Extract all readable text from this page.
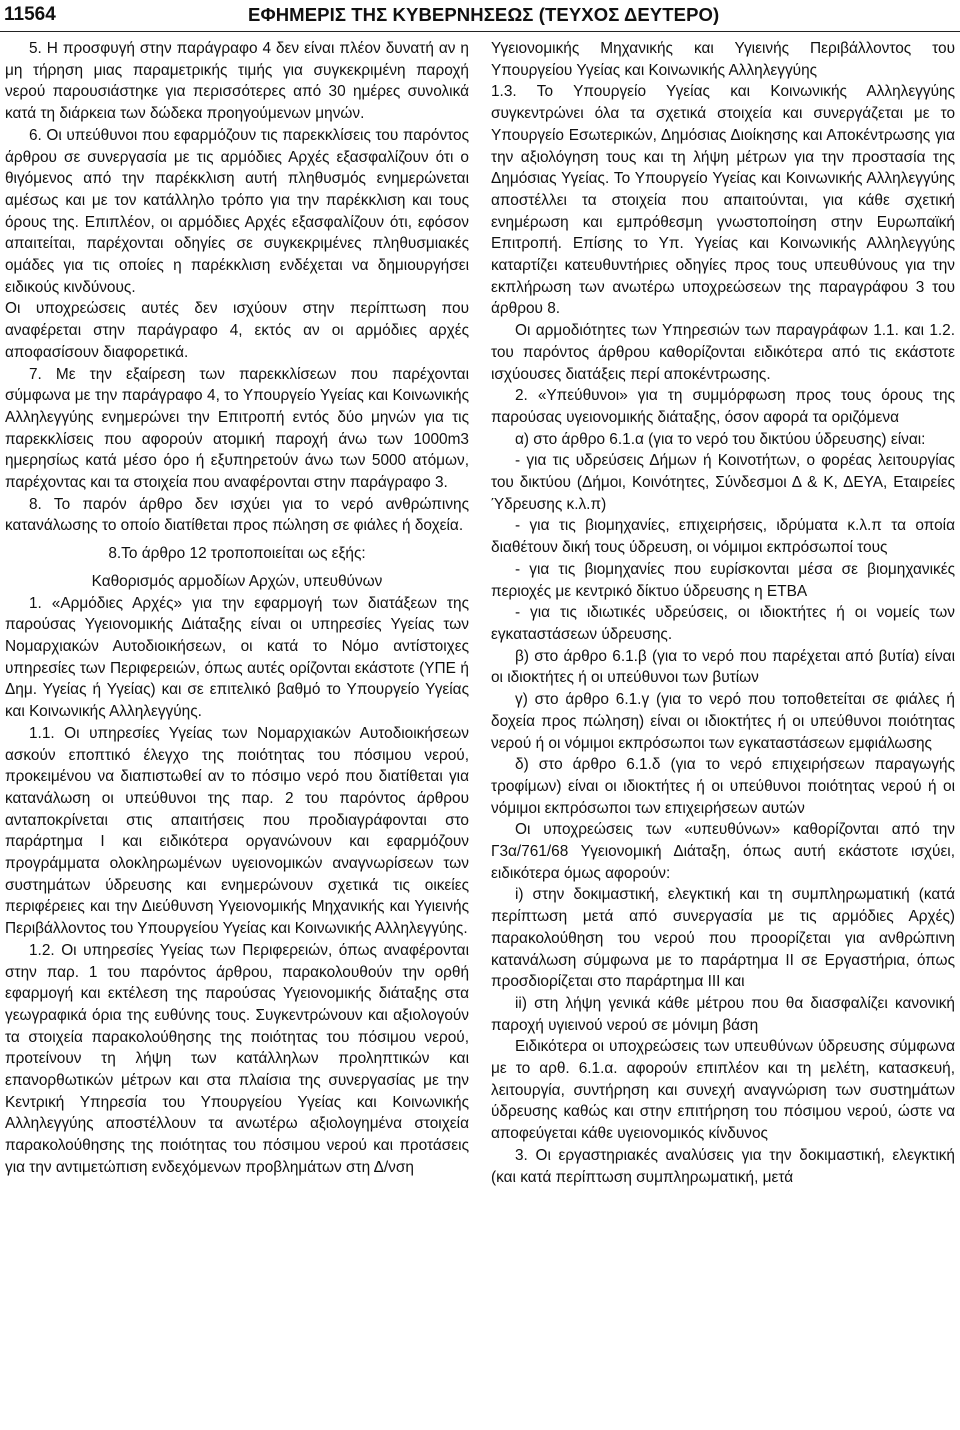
11564	ΕΦΗΜΕΡΙΣ ΤΗΣ ΚΥΒΕΡΝΗΣΕΩΣ (ΤΕΥΧΟΣ ΔΕΥΤΕΡΟ)

5. Η προσφυγή στην παράγραφο 4 δεν είναι πλέον δυνατή αν η μη τήρηση μιας παραμετρικής τιμής για συγκεκριμένη παροχή νερού παρουσιάστηκε για περισσότερες από 30 ημέρες συνολικά κατά τη διάρκεια των δώδεκα προηγούμενων μηνών.

6. Οι υπεύθυνοι που εφαρμόζουν τις παρεκκλίσεις του παρόντος άρθρου σε συνεργασία με τις αρμόδιες Αρχές εξασφαλίζουν ότι ο θιγόμενος από την παρέκκλιση αυτή πληθυσμός ενημερώνεται αμέσως και με τον κατάλληλο τρόπο για την παρέκκλιση και τους όρους της. Επιπλέον, οι αρμόδιες Αρχές εξασφαλίζουν ότι, εφόσον απαιτείται, παρέχονται οδηγίες σε συγκεκριμένες πληθυσμιακές ομάδες για τις οποίες η παρέκκλιση ενδέχεται να δημιουργήσει ειδικούς κινδύνους.

Οι υποχρεώσεις αυτές δεν ισχύουν στην περίπτωση που αναφέρεται στην παράγραφο 4, εκτός αν οι αρμόδιες αρχές αποφασίσουν διαφορετικά.

7. Με την εξαίρεση των παρεκκλίσεων που παρέχονται σύμφωνα με την παράγραφο 4, το Υπουργείο Υγείας και Κοινωνικής Αλληλεγγύης ενημερώνει την Επιτροπή εντός δύο μηνών για τις παρεκκλίσεις που αφορούν ατομική παροχή άνω των 1000m3 ημερησίως κατά μέσο όρο ή εξυπηρετούν άνω των 5000 ατόμων, παρέχοντας και τα στοιχεία που αναφέρονται στην παράγραφο 3.

8. Το παρόν άρθρο δεν ισχύει για το νερό ανθρώπινης κατανάλωσης το οποίο διατίθεται προς πώληση σε φιάλες ή δοχεία.

8.Το άρθρο 12 τροποποιείται ως εξής:

Καθορισμός αρμοδίων Αρχών, υπευθύνων

1. «Αρμόδιες Αρχές» για την εφαρμογή των διατάξεων της παρούσας Υγειονομικής Διάταξης είναι οι υπηρεσίες Υγείας των Νομαρχιακών Αυτοδιοικήσεων, οι κατά το Νόμο αντίστοιχες υπηρεσίες των Περιφερειών, όπως αυτές ορίζονται εκάστοτε (ΥΠΕ ή Δημ. Υγείας ή Υγείας) και σε επιτελικό βαθμό το Υπουργείο Υγείας και Κοινωνικής Αλληλεγγύης.

1.1. Οι υπηρεσίες Υγείας των Νομαρχιακών Αυτοδιοικήσεων ασκούν εποπτικό έλεγχο της ποιότητας του πόσιμου νερού, προκειμένου να διαπιστωθεί αν το πόσιμο νερό που διατίθεται για κατανάλωση οι υπεύθυνοι της παρ. 2 του παρόντος άρθρου ανταποκρίνεται στις απαιτήσεις που προδιαγράφονται στο παράρτημα Ι και ειδικότερα οργανώνουν και εφαρμόζουν προγράμματα ολοκληρωμένων υγειονομικών αναγνωρίσεων των συστημάτων ύδρευσης και ενημερώνουν σχετικά τις οικείες περιφέρειες και την Διεύθυνση Υγειονομικής Μηχανικής και Υγιεινής Περιβάλλοντος του Υπουργείου Υγείας και Κοινωνικής Αλληλεγγύης.

1.2. Οι υπηρεσίες Υγείας των Περιφερειών, όπως αναφέρονται στην παρ. 1 του παρόντος άρθρου, παρακολουθούν την ορθή εφαρμογή και εκτέλεση της παρούσας Υγειονομικής διάταξης στα γεωγραφικά όρια της ευθύνης τους. Συγκεντρώνουν και αξιολογούν τα στοιχεία παρακολούθησης της ποιότητας του πόσιμου νερού, προτείνουν τη λήψη των κατάλληλων προληπτικών και επανορθωτικών μέτρων και στα πλαίσια της συνεργασίας με την Κεντρική Υπηρεσία του Υπουργείου Υγείας και Κοινωνικής Αλληλεγγύης αποστέλλουν τα ανωτέρω αξιολογημένα στοιχεία παρακολούθησης της ποιότητας του πόσιμου νερού και προτάσεις για την αντιμετώπιση ενδεχόμενων προβλημάτων στη Δ/νση

Υγειονομικής Μηχανικής και Υγιεινής Περιβάλλοντος του Υπουργείου Υγείας και Κοινωνικής Αλληλεγγύης

1.3. Το Υπουργείο Υγείας και Κοινωνικής Αλληλεγγύης συγκεντρώνει όλα τα σχετικά στοιχεία και συνεργάζεται με το Υπουργείο Εσωτερικών, Δημόσιας Διοίκησης και Αποκέντρωσης για την αξιολόγηση τους και τη λήψη μέτρων για την προστασία της Δημόσιας Υγείας. Το Υπουργείο Υγείας και Κοινωνικής Αλληλεγγύης αποστέλλει τα στοιχεία που απαιτούνται, για κάθε σχετική ενημέρωση και εμπρόθεσμη γνωστοποίηση στην Ευρωπαϊκή Επιτροπή. Επίσης το Υπ. Υγείας και Κοινωνικής Αλληλεγγύης καταρτίζει κατευθυντήριες οδηγίες προς τους υπευθύνους για την εκπλήρωση των ανωτέρω υποχρεώσεων της παραγράφου 3 του άρθρου 8.

Οι αρμοδιότητες των Υπηρεσιών των παραγράφων 1.1. και 1.2. του παρόντος άρθρου καθορίζονται ειδικότερα από τις εκάστοτε ισχύουσες διατάξεις περί αποκέντρωσης.

2. «Υπεύθυνοι» για τη συμμόρφωση προς τους όρους της παρούσας υγειονομικής διάταξης, όσον αφορά τα οριζόμενα

α) στο άρθρο 6.1.α (για το νερό του δικτύου ύδρευσης) είναι:

- για τις υδρεύσεις Δήμων ή Κοινοτήτων, ο φορέας λειτουργίας του δικτύου (Δήμοι, Κοινότητες, Σύνδεσμοι Δ & Κ, ΔΕΥΑ, Εταιρείες Ύδρευσης κ.λ.π)

- για τις βιομηχανίες, επιχειρήσεις, ιδρύματα κ.λ.π τα οποία διαθέτουν δική τους ύδρευση, οι νόμιμοι εκπρόσωποί τους

- για τις βιομηχανίες που ευρίσκονται μέσα σε βιομηχανικές περιοχές με κεντρικό δίκτυο ύδρευσης η ΕΤΒΑ

- για τις ιδιωτικές υδρεύσεις, οι ιδιοκτήτες ή οι νομείς των εγκαταστάσεων ύδρευσης.

β) στο άρθρο 6.1.β (για το νερό που παρέχεται από βυτία) είναι οι ιδιοκτήτες ή οι υπεύθυνοι των βυτίων

γ) στο άρθρο 6.1.γ (για το νερό που τοποθετείται σε φιάλες ή δοχεία προς πώληση) είναι οι ιδιοκτήτες ή οι υπεύθυνοι ποιότητας νερού ή οι νόμιμοι εκπρόσωποι των εγκαταστάσεων εμφιάλωσης

δ) στο άρθρο 6.1.δ (για το νερό επιχειρήσεων παραγωγής τροφίμων) είναι οι ιδιοκτήτες ή οι υπεύθυνοι ποιότητας νερού ή οι νόμιμοι εκπρόσωποι των επιχειρήσεων αυτών

Οι υποχρεώσεις των «υπευθύνων» καθορίζονται από την Γ3α/761/68 Υγειονομική Διάταξη, όπως αυτή εκάστοτε ισχύει, ειδικότερα όμως αφορούν:

i) στην δοκιμαστική, ελεγκτική και τη συμπληρωματική (κατά περίπτωση μετά από συνεργασία με τις αρμόδιες Αρχές) παρακολούθηση του νερού που προορίζεται για ανθρώπινη κατανάλωση σύμφωνα με το παράρτημα ΙΙ σε Εργαστήρια, όπως προσδιορίζεται στο παράρτημα ΙΙΙ και

ii) στη λήψη γενικά κάθε μέτρου που θα διασφαλίζει κανονική παροχή υγιεινού νερού σε μόνιμη βάση

Ειδικότερα οι υποχρεώσεις των υπευθύνων ύδρευσης σύμφωνα με το αρθ. 6.1.α. αφορούν επιπλέον και τη μελέτη, κατασκευή, λειτουργία, συντήρηση και συνεχή αναγνώριση των συστημάτων ύδρευσης καθώς και στην επιτήρηση του πόσιμου νερού, ώστε να αποφεύγεται κάθε υγειονομικός κίνδυνος

3. Οι εργαστηριακές αναλύσεις για την δοκιμαστική, ελεγκτική (και κατά περίπτωση συμπληρωματική, μετά
